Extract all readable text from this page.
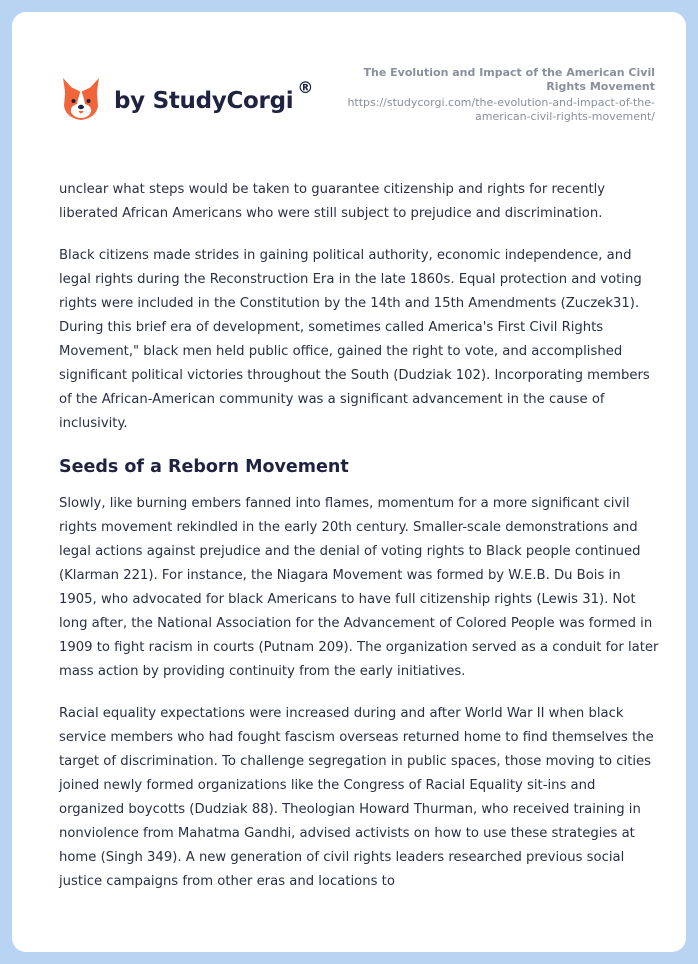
by StudyCorgi
®
The Evolution and Impact of the American Civil Rights Movement
https://studycorgi.com/the-evolution-and-impact-of-the-american-civil-rights-movement/

unclear what steps would be taken to guarantee citizenship and rights for recently liberated African Americans who were still subject to prejudice and discrimination.

Black citizens made strides in gaining political authority, economic independence, and legal rights during the Reconstruction Era in the late 1860s. Equal protection and voting rights were included in the Constitution by the 14th and 15th Amendments (Zuczek31). During this brief era of development, sometimes called America's First Civil Rights Movement," black men held public office, gained the right to vote, and accomplished significant political victories throughout the South (Dudziak 102). Incorporating members of the African-American community was a significant advancement in the cause of inclusivity.

Seeds of a Reborn Movement

Slowly, like burning embers fanned into flames, momentum for a more significant civil rights movement rekindled in the early 20th century. Smaller-scale demonstrations and legal actions against prejudice and the denial of voting rights to Black people continued (Klarman 221). For instance, the Niagara Movement was formed by W.E.B. Du Bois in 1905, who advocated for black Americans to have full citizenship rights (Lewis 31). Not long after, the National Association for the Advancement of Colored People was formed in 1909 to fight racism in courts (Putnam 209). The organization served as a conduit for later mass action by providing continuity from the early initiatives.

Racial equality expectations were increased during and after World War II when black service members who had fought fascism overseas returned home to find themselves the target of discrimination. To challenge segregation in public spaces, those moving to cities joined newly formed organizations like the Congress of Racial Equality sit-ins and organized boycotts (Dudziak 88). Theologian Howard Thurman, who received training in nonviolence from Mahatma Gandhi, advised activists on how to use these strategies at home (Singh 349). A new generation of civil rights leaders researched previous social justice campaigns from other eras and locations to
